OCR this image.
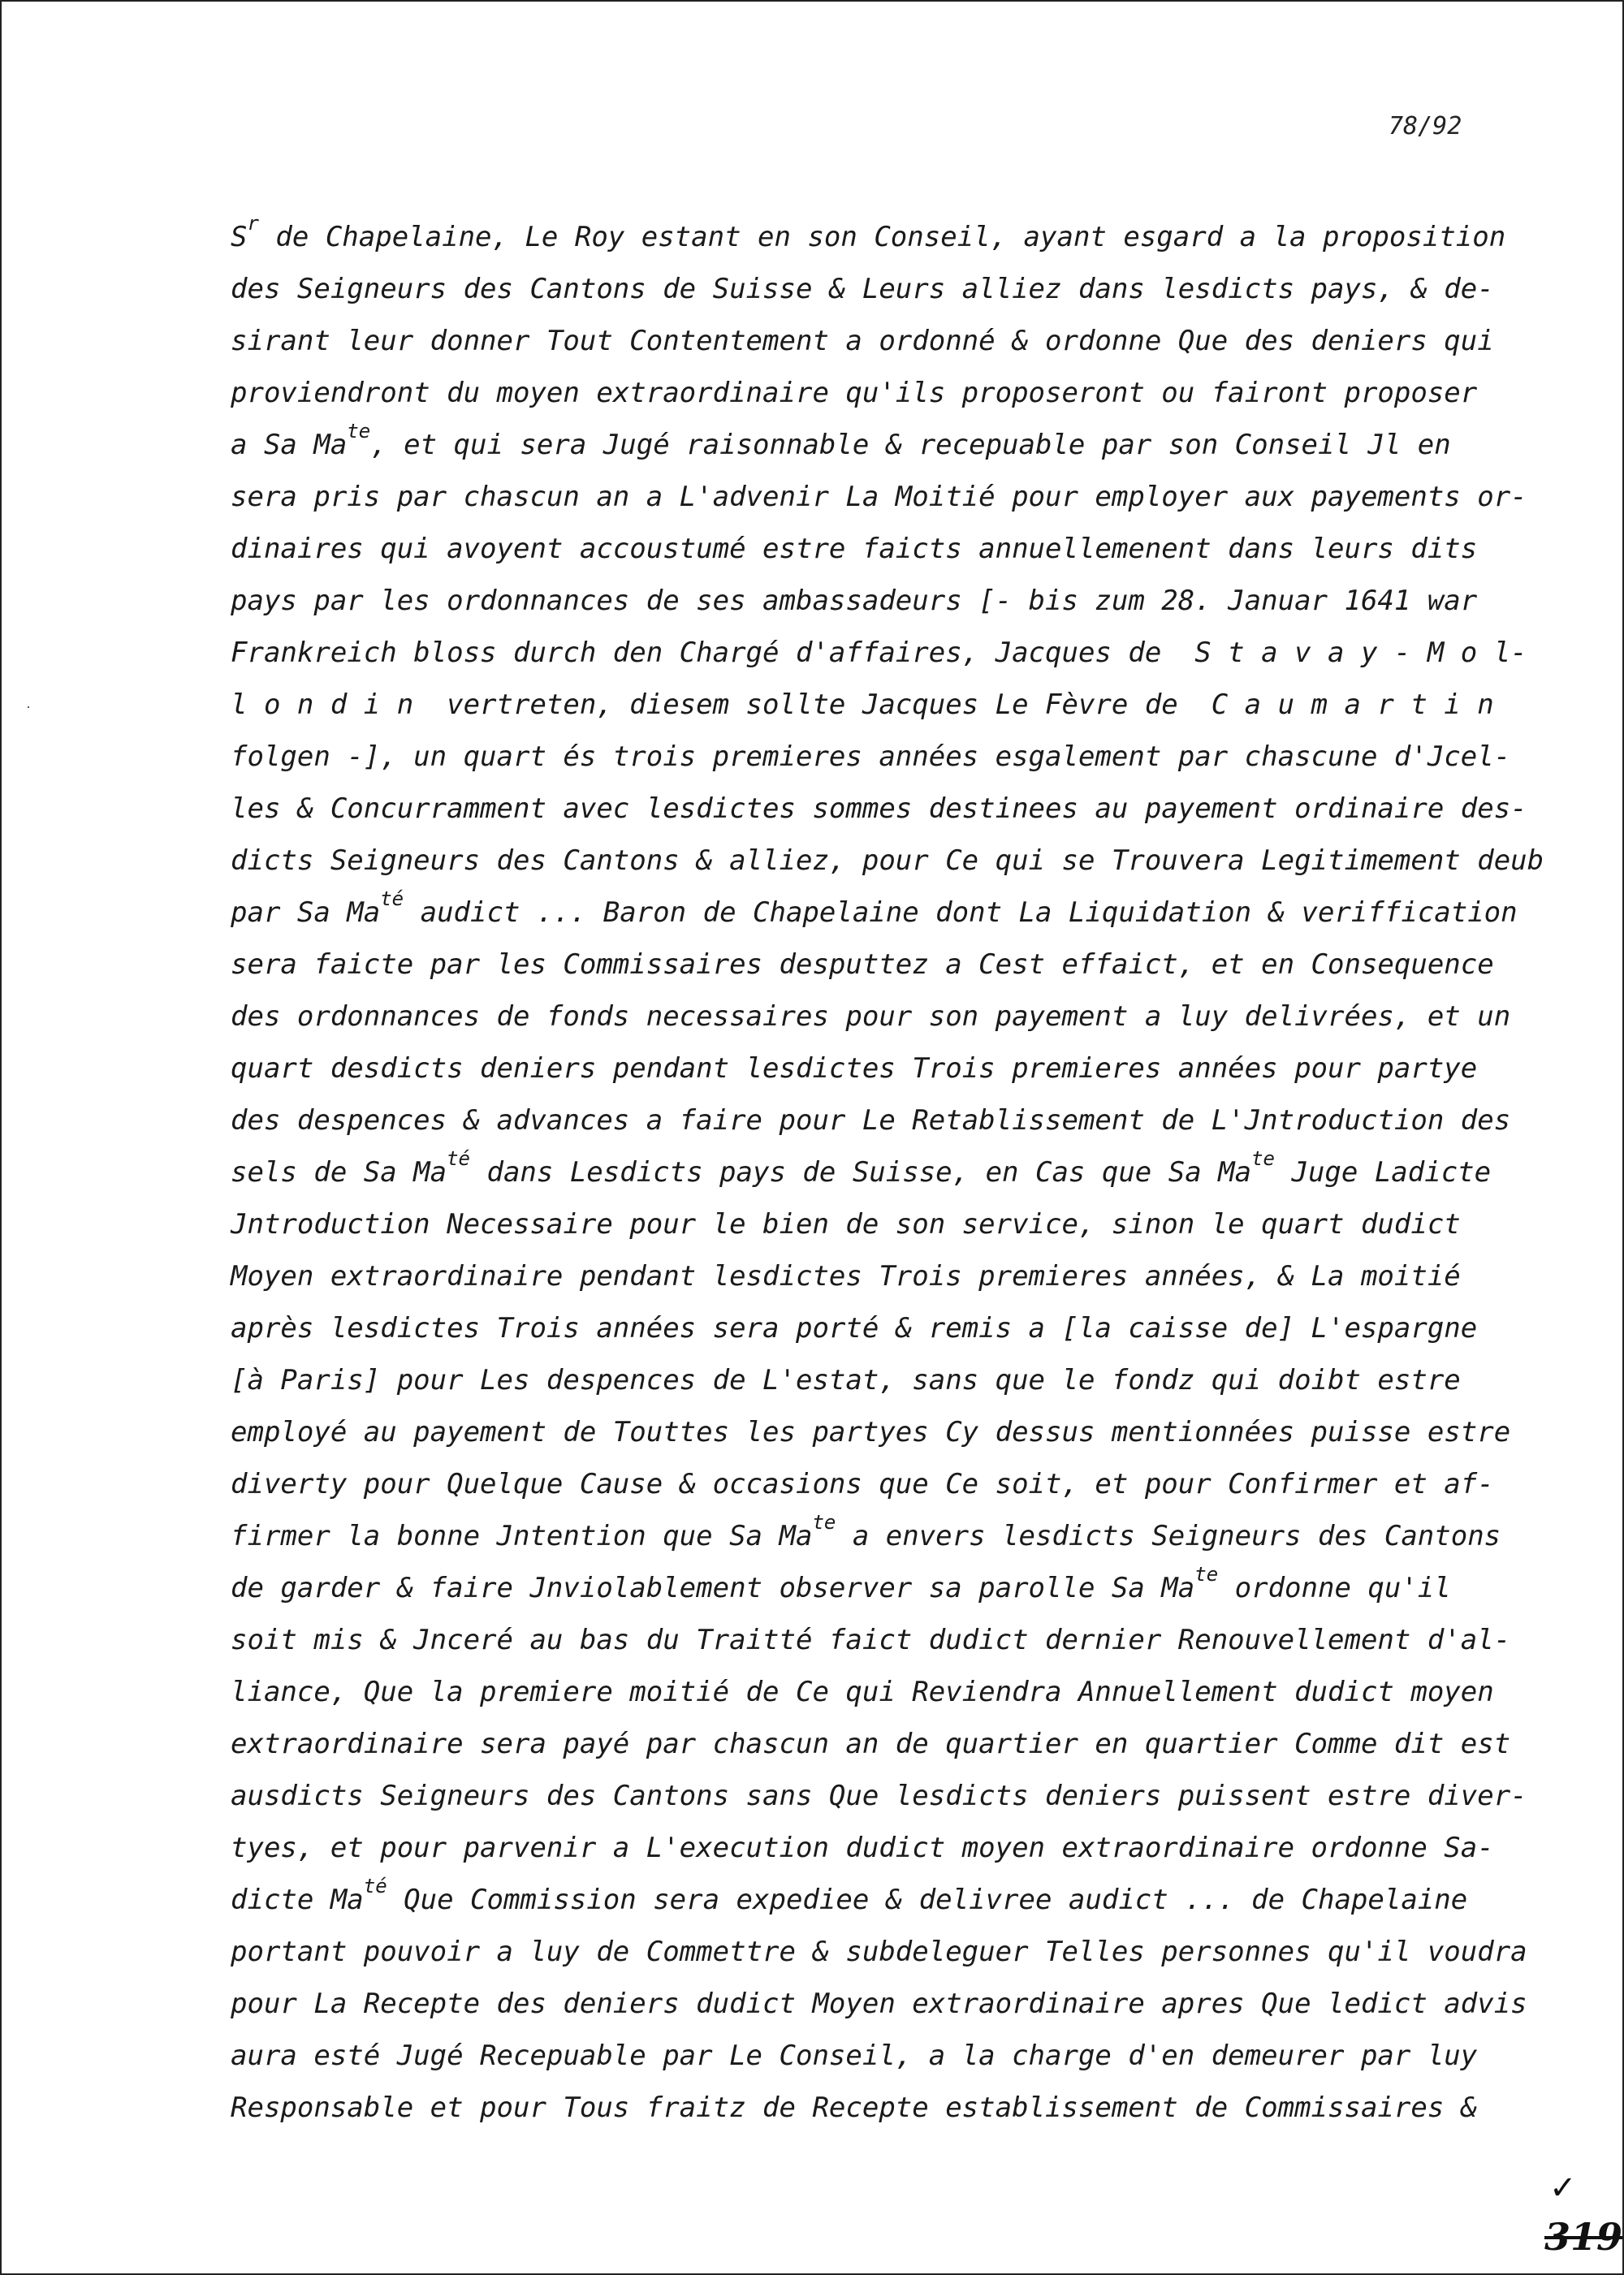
78/92
$S^r$ de Chapelaine, Le Roy estant en son Conseil, ayant esgard a la proposition
des Seigneurs des Cantons de Suisse & Leurs alliez dans lesdicts pays, & de-
sirant leur donner Tout Contentement a ordonné & ordonne Que des deniers qui
proviendront du moyen extraordinaire qu'ils proposeront ou fairont proposer
a Sa $Ma^{te}$, et qui sera Jugé raisonnable & recepuable par son Conseil Jl en
sera pris par chascun an a L'advenir La Moitié pour employer aux payements or-
dinaires qui avoyent accoustumé estre faicts annuellemenent dans leurs dits
pays par les ordonnances de ses ambassadeurs [- bis zum 28. Januar 1641 war
Frankreich bloss durch den Chargé d'affaires, Jacques de  S t a v a y - M o l-
l o n d i n  vertreten, diesem sollte Jacques Le Fèvre de  C a u m a r t i n
folgen -], un quart és trois premieres années esgalement par chascune d'Jcel-
les & Concurramment avec lesdictes sommes destinees au payement ordinaire des-
dicts Seigneurs des Cantons & alliez, pour Ce qui se Trouvera Legitimement deub
par Sa $Ma^{té}$ audict ... Baron de Chapelaine dont La Liquidation & veriffication
sera faicte par les Commissaires desputtez a Cest effaict, et en Consequence
des ordonnances de fonds necessaires pour son payement a luy delivrées, et un
quart desdicts deniers pendant lesdictes Trois premieres années pour partye
des despences & advances a faire pour Le Retablissement de L'Jntroduction des
sels de Sa $Ma^{té}$ dans Lesdicts pays de Suisse, en Cas que Sa $Ma^{te}$ Juge Ladicte
Jntroduction Necessaire pour le bien de son service, sinon le quart dudict
Moyen extraordinaire pendant lesdictes Trois premieres années, & La moitié
après lesdictes Trois années sera porté & remis a [la caisse de] L'espargne
[à Paris] pour Les despences de L'estat, sans que le fondz qui doibt estre
employé au payement de Touttes les partyes Cy dessus mentionnées puisse estre
diverty pour Quelque Cause & occasions que Ce soit, et pour Confirmer et af-
firmer la bonne Jntention que Sa $Ma^{te}$ a envers lesdicts Seigneurs des Cantons
de garder & faire Jnviolablement observer sa parolle Sa $Ma^{te}$ ordonne qu'il
soit mis & Jnceré au bas du Traitté faict dudict dernier Renouvellement d'al-
liance, Que la premiere moitié de Ce qui Reviendra Annuellement dudict moyen
extraordinaire sera payé par chascun an de quartier en quartier Comme dit est
ausdicts Seigneurs des Cantons sans Que lesdicts deniers puissent estre diver-
tyes, et pour parvenir a L'execution dudict moyen extraordinaire ordonne Sa-
dicte $Ma^{té}$ Que Commission sera expediee & delivree audict ... de Chapelaine
portant pouvoir a luy de Commettre & subdeleguer Telles personnes qu'il voudra
pour La Recepte des deniers dudict Moyen extraordinaire apres Que ledict advis
aura esté Jugé Recepuable par Le Conseil, a la charge d'en demeurer par luy
Responsable et pour Tous fraitz de Recepte establissement de Commissaires &
✓
319
